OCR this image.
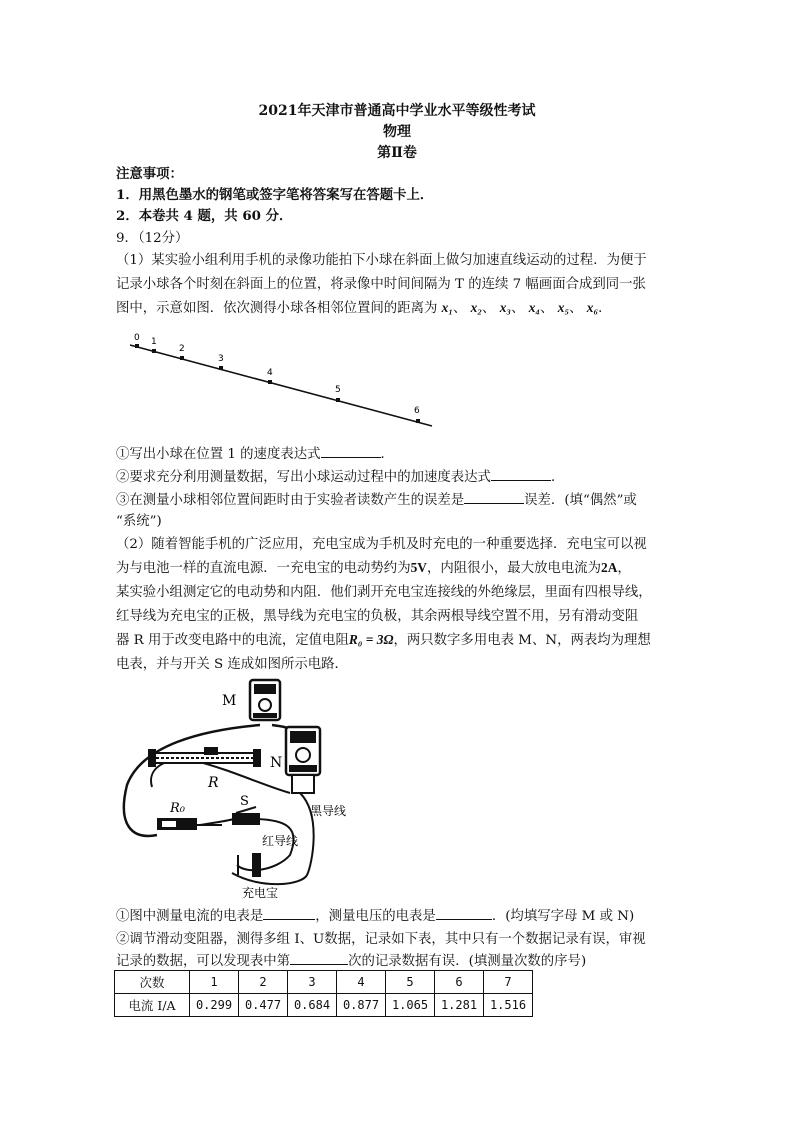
2021年天津市普通高中学业水平等级性考试
物理
第Ⅱ卷
注意事项：
1．用黑色墨水的钢笔或签字笔将答案写在答题卡上．
2．本卷共 4 题，共 60 分．
9．（12分）
（1）某实验小组利用手机的录像功能拍下小球在斜面上做匀加速直线运动的过程．为便于
记录小球各个时刻在斜面上的位置，将录像中时间间隔为 T 的连续 7 幅画面合成到同一张
图中，示意如图．依次测得小球各相邻位置间的距离为 x₁、 x₂、 x₃、 x₄、 x₅、 x₆．
0 1
2
3
4
5
6
①写出小球在位置 1 的速度表达式	．
②要求充分利用测量数据，写出小球运动过程中的加速度表达式	．
③在测量小球相邻位置间距时由于实验者读数产生的误差是	误差．(填“偶然”或
“系统”)
（2）随着智能手机的广泛应用，充电宝成为手机及时充电的一种重要选择．充电宝可以视
为与电池一样的直流电源．一充电宝的电动势约为5V，内阻很小，最大放电电流为2A，
某实验小组测定它的电动势和内阻．他们剥开充电宝连接线的外绝缘层，里面有四根导线，
红导线为充电宝的正极，黑导线为充电宝的负极，其余两根导线空置不用，另有滑动变阻
器 R 用于改变电路中的电流，定值电阻R₀ = 3Ω，两只数字多用电表 M、N，两表均为理想
电表，并与开关 S 连成如图所示电路．
M
N
R
R₀	S
黑导线
红导线
充电宝
①图中测量电流的电表是	，测量电压的电表是	．(均填写字母 M 或 N)
②调节滑动变阻器，测得多组 I、U数据，记录如下表，其中只有一个数据记录有误，审视
记录的数据，可以发现表中第	次的记录数据有误．(填测量次数的序号)
次数	1	2	3	4	5	6	7
电流 I/A	0.299	0.477	0.684	0.877	1.065	1.281	1.516
